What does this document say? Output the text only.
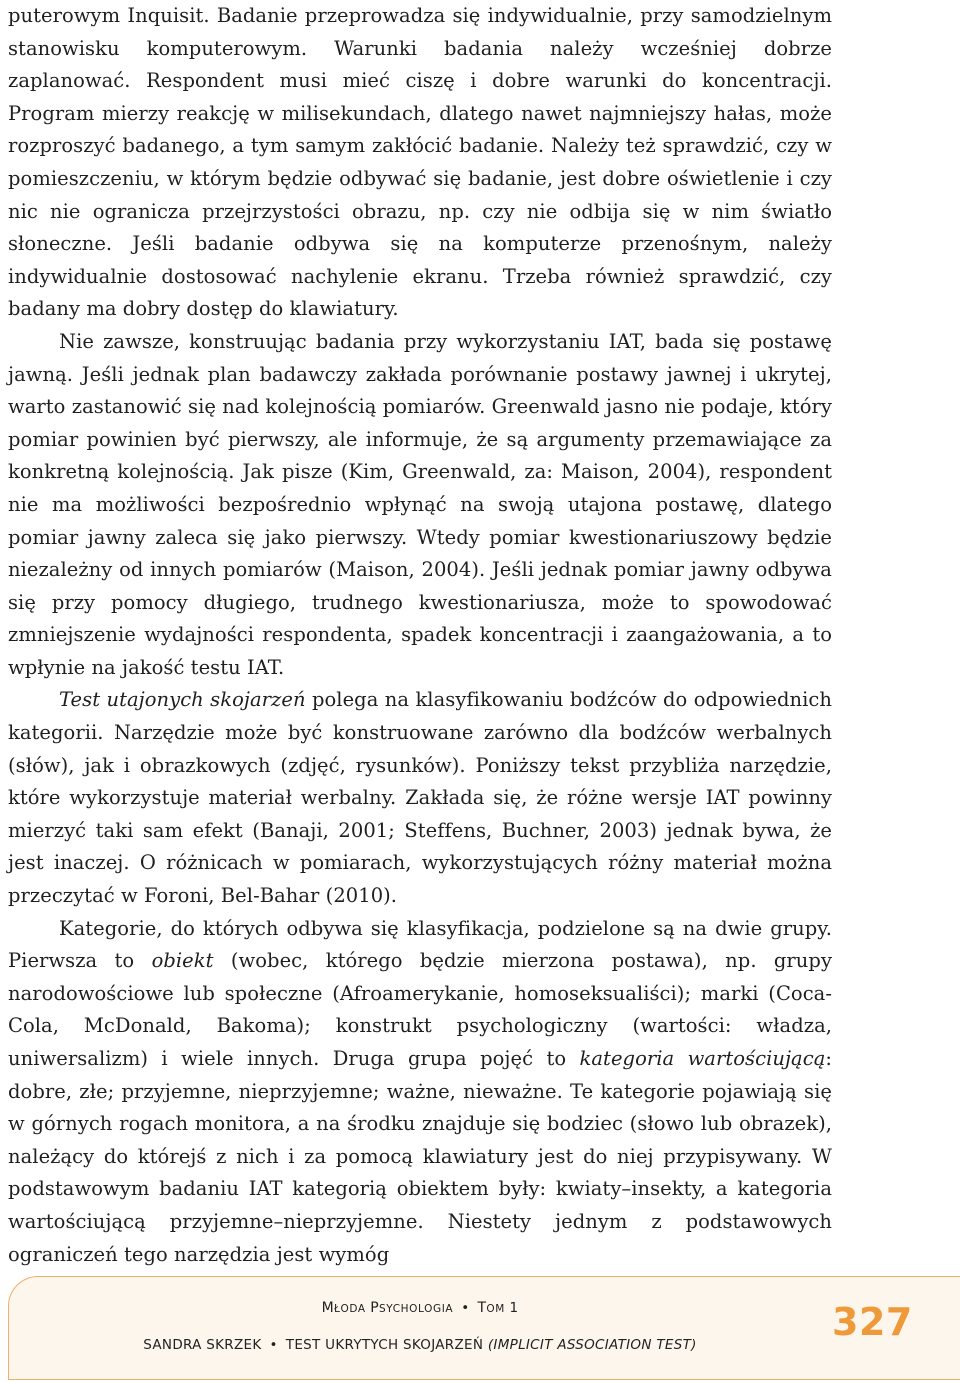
puterowym Inquisit. Badanie przeprowadza się indywidualnie, przy samodzielnym stanowisku komputerowym. Warunki badania należy wcześniej dobrze zaplanować. Respondent musi mieć ciszę i dobre warunki do koncentracji. Program mierzy reakcję w milisekundach, dlatego nawet najmniejszy hałas, może rozproszyć badanego, a tym samym zakłócić badanie. Należy też sprawdzić, czy w pomieszczeniu, w którym będzie odbywać się badanie, jest dobre oświetlenie i czy nic nie ogranicza przejrzystości obrazu, np. czy nie odbija się w nim światło słoneczne. Jeśli badanie odbywa się na komputerze przenośnym, należy indywidualnie dostosować nachylenie ekranu. Trzeba również sprawdzić, czy badany ma dobry dostęp do klawiatury.

Nie zawsze, konstruując badania przy wykorzystaniu IAT, bada się postawę jawną. Jeśli jednak plan badawczy zakłada porównanie postawy jawnej i ukrytej, warto zastanowić się nad kolejnością pomiarów. Greenwald jasno nie podaje, który pomiar powinien być pierwszy, ale informuje, że są argumenty przemawiające za konkretną kolejnością. Jak pisze (Kim, Greenwald, za: Maison, 2004), respondent nie ma możliwości bezpośrednio wpłynąć na swoją utajona postawę, dlatego pomiar jawny zaleca się jako pierwszy. Wtedy pomiar kwestionariuszowy będzie niezależny od innych pomiarów (Maison, 2004). Jeśli jednak pomiar jawny odbywa się przy pomocy długiego, trudnego kwestionariusza, może to spowodować zmniejszenie wydajności respondenta, spadek koncentracji i zaangażowania, a to wpłynie na jakość testu IAT.

Test utajonych skojarzeń polega na klasyfikowaniu bodźców do odpowiednich kategorii. Narzędzie może być konstruowane zarówno dla bodźców werbalnych (słów), jak i obrazkowych (zdjęć, rysunków). Poniższy tekst przybliża narzędzie, które wykorzystuje materiał werbalny. Zakłada się, że różne wersje IAT powinny mierzyć taki sam efekt (Banaji, 2001; Steffens, Buchner, 2003) jednak bywa, że jest inaczej. O różnicach w pomiarach, wykorzystujących różny materiał można przeczytać w Foroni, Bel-Bahar (2010).

Kategorie, do których odbywa się klasyfikacja, podzielone są na dwie grupy. Pierwsza to obiekt (wobec, którego będzie mierzona postawa), np. grupy narodowościowe lub społeczne (Afroamerykanie, homoseksualiści); marki (Coca-Cola, McDonald, Bakoma); konstrukt psychologiczny (wartości: władza, uniwersalizm) i wiele innych. Druga grupa pojęć to kategoria wartościującą: dobre, złe; przyjemne, nieprzyjemne; ważne, nieważne. Te kategorie pojawiają się w górnych rogach monitora, a na środku znajduje się bodziec (słowo lub obrazek), należący do którejś z nich i za pomocą klawiatury jest do niej przypisywany. W podstawowym badaniu IAT kategorią obiektem były: kwiaty–insekty, a kategoria wartościującą przyjemne–nieprzyjemne. Niestety jednym z podstawowych ograniczeń tego narzędzia jest wymóg

MŁODA PSYCHOLOGIA • TOM 1
SANDRA SKRZEK • TEST UKRYTYCH SKOJARZEŃ (IMPLICIT ASSOCIATION TEST)
327
